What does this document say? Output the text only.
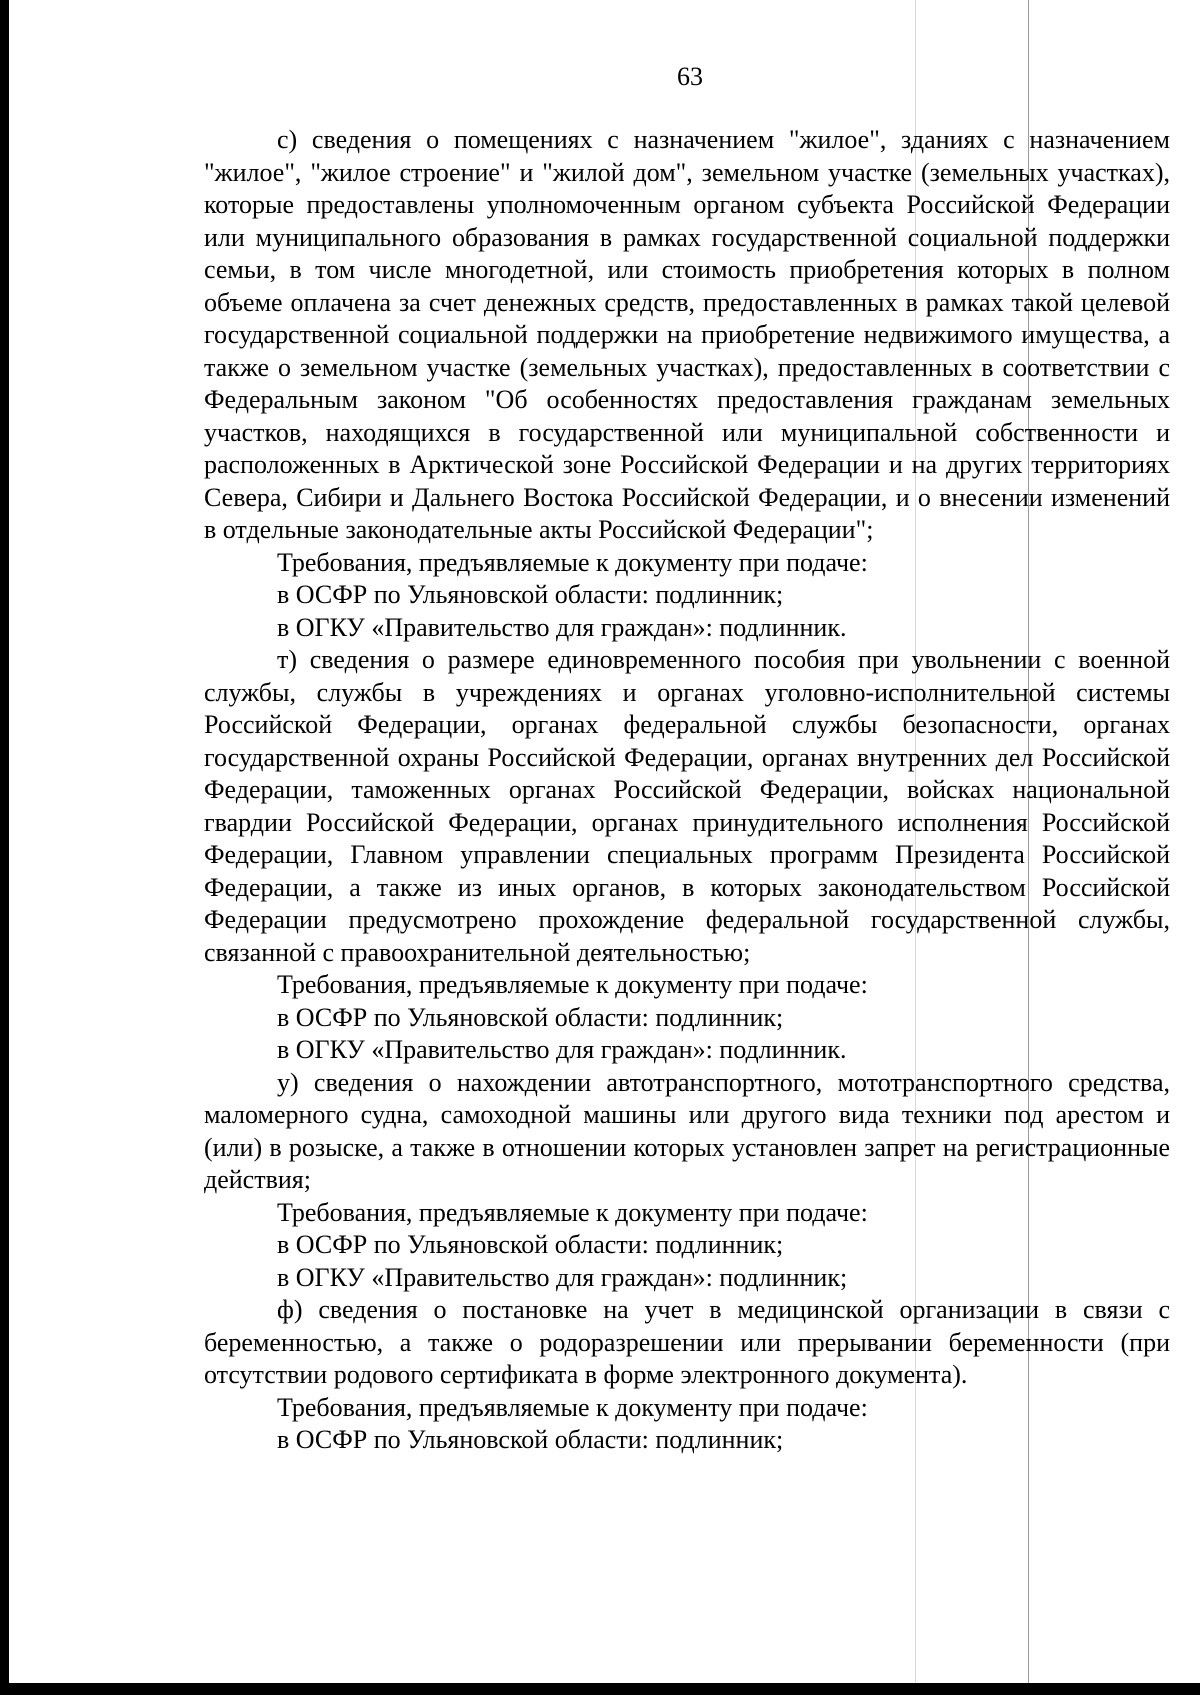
63

с) сведения о помещениях с назначением "жилое", зданиях с назначением "жилое", "жилое строение" и "жилой дом", земельном участке (земельных участках), которые предоставлены уполномоченным органом субъекта Российской Федерации или муниципального образования в рамках государственной социальной поддержки семьи, в том числе многодетной, или стоимость приобретения которых в полном объеме оплачена за счет денежных средств, предоставленных в рамках такой целевой государственной социальной поддержки на приобретение недвижимого имущества, а также о земельном участке (земельных участках), предоставленных в соответствии с Федеральным законом "Об особенностях предоставления гражданам земельных участков, находящихся в государственной или муниципальной собственности и расположенных в Арктической зоне Российской Федерации и на других территориях Севера, Сибири и Дальнего Востока Российской Федерации, и о внесении изменений в отдельные законодательные акты Российской Федерации";

Требования, предъявляемые к документу при подаче:

в ОСФР по Ульяновской области: подлинник;

в ОГКУ «Правительство для граждан»: подлинник.

т) сведения о размере единовременного пособия при увольнении с военной службы, службы в учреждениях и органах уголовно-исполнительной системы Российской Федерации, органах федеральной службы безопасности, органах государственной охраны Российской Федерации, органах внутренних дел Российской Федерации, таможенных органах Российской Федерации, войсках национальной гвардии Российской Федерации, органах принудительного исполнения Российской Федерации, Главном управлении специальных программ Президента Российской Федерации, а также из иных органов, в которых законодательством Российской Федерации предусмотрено прохождение федеральной государственной службы, связанной с правоохранительной деятельностью;

Требования, предъявляемые к документу при подаче:

в ОСФР по Ульяновской области: подлинник;

в ОГКУ «Правительство для граждан»: подлинник.

у) сведения о нахождении автотранспортного, мототранспортного средства, маломерного судна, самоходной машины или другого вида техники под арестом и (или) в розыске, а также в отношении которых установлен запрет на регистрационные действия;

Требования, предъявляемые к документу при подаче:

в ОСФР по Ульяновской области: подлинник;

в ОГКУ «Правительство для граждан»: подлинник;

ф) сведения о постановке на учет в медицинской организации в связи с беременностью, а также о родоразрешении или прерывании беременности (при отсутствии родового сертификата в форме электронного документа).

Требования, предъявляемые к документу при подаче:

в ОСФР по Ульяновской области: подлинник;
